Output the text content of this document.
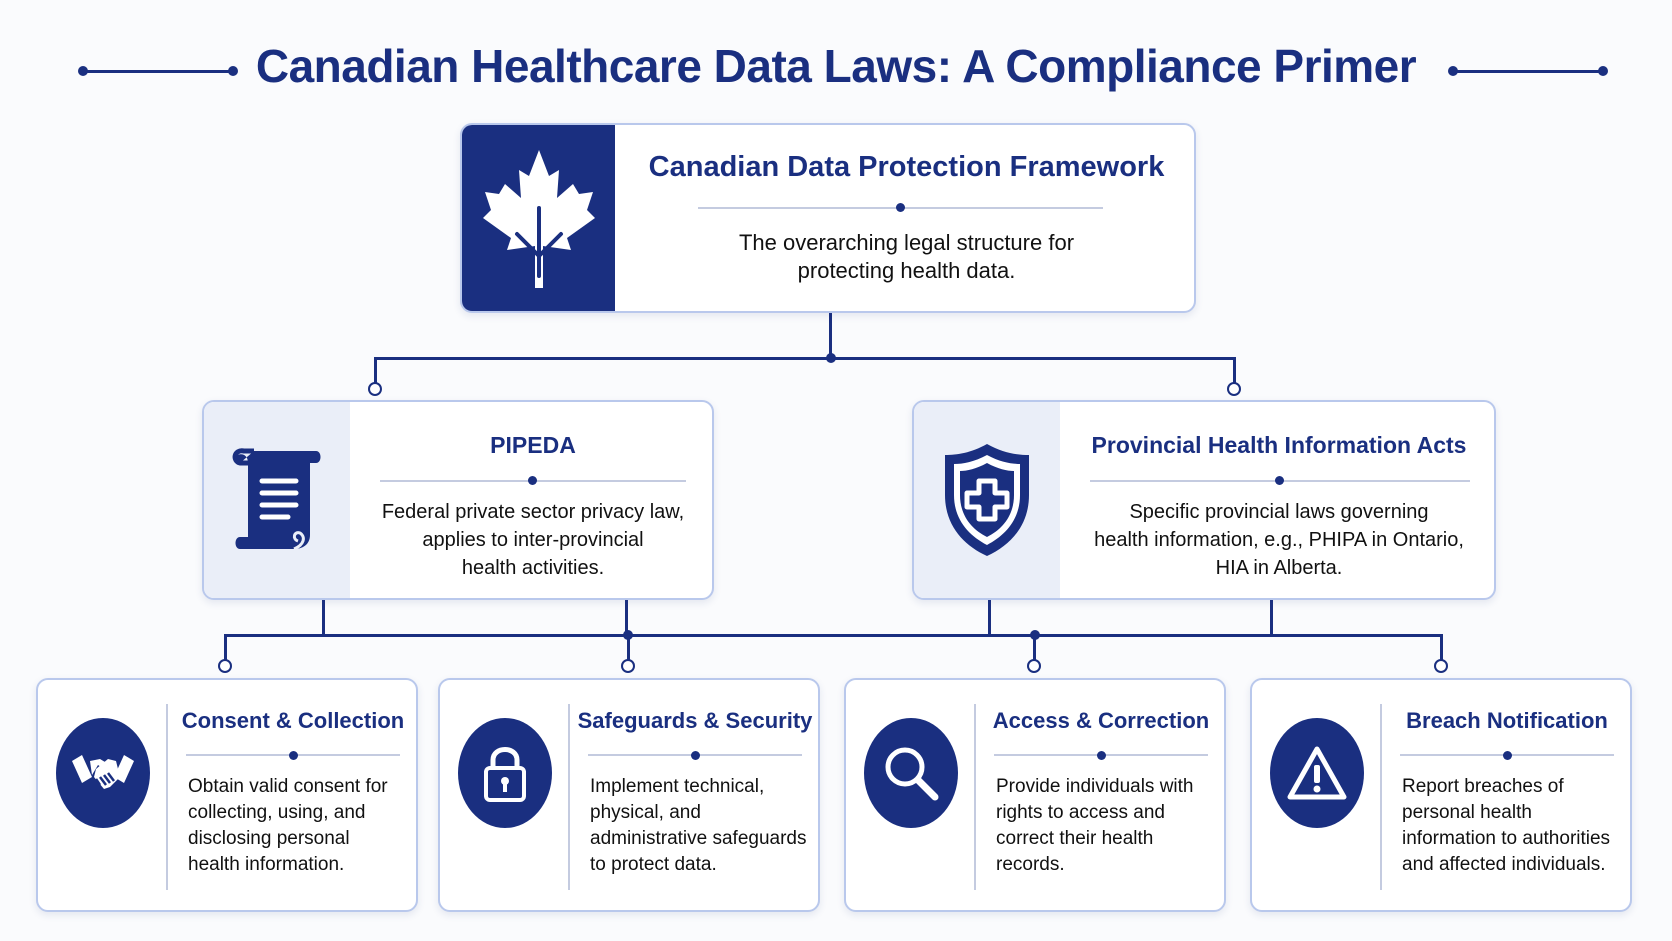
Canadian Healthcare Data Laws: A Compliance Primer
Canadian Data Protection Framework
The overarching legal structure for
protecting health data.
PIPEDA
Federal private sector privacy law,
applies to inter-provincial
health activities.
Provincial Health Information Acts
Specific provincial laws governing
health information, e.g., PHIPA in Ontario,
HIA in Alberta.
Consent & Collection
Obtain valid consent for
collecting, using, and
disclosing personal
health information.
Safeguards & Security
Implement technical,
physical, and
administrative safeguards
to protect data.
Access & Correction
Provide individuals with
rights to access and
correct their health
records.
Breach Notification
Report breaches of
personal health
information to authorities
and affected individuals.
